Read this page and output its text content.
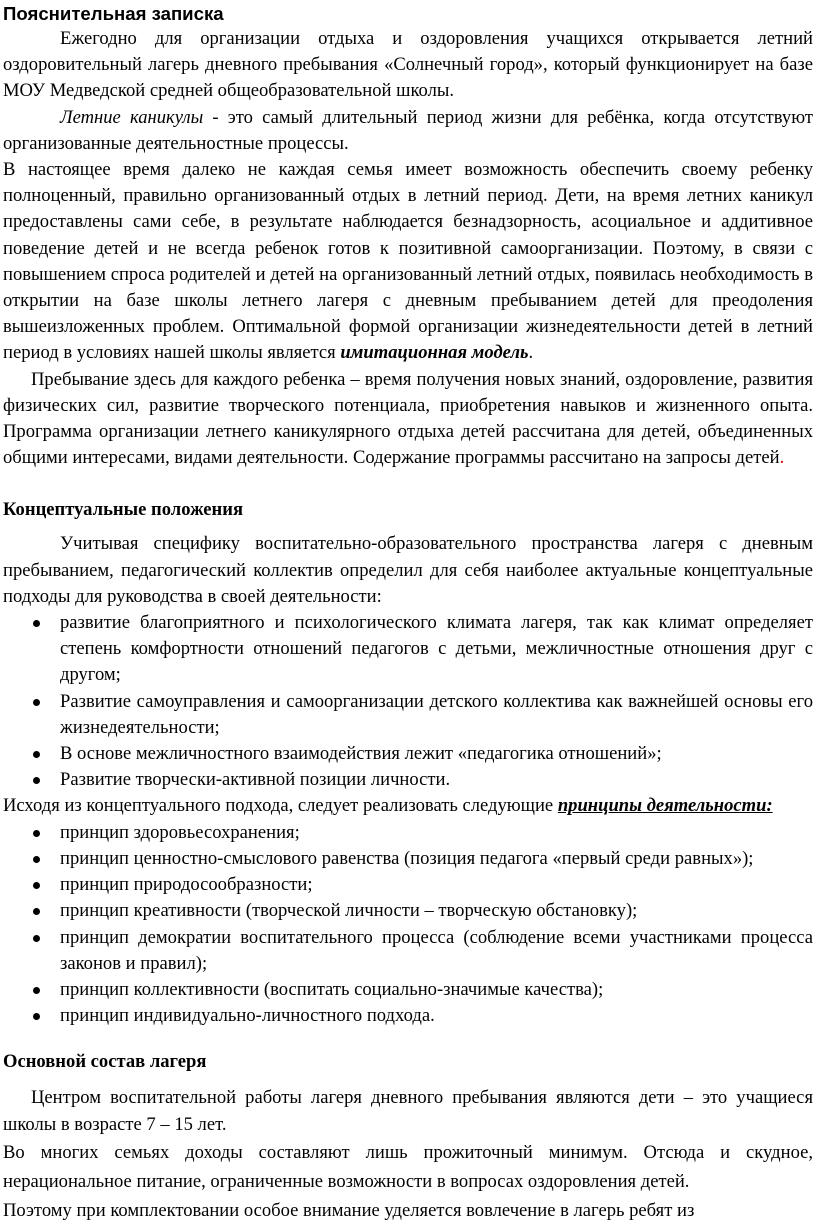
Пояснительная записка

Ежегодно для организации отдыха и оздоровления учащихся открывается летний оздоровительный лагерь дневного пребывания «Солнечный город», который функционирует на базе МОУ Медведской средней общеобразовательной школы.

Летние каникулы - это самый длительный период жизни для ребёнка, когда отсутствуют организованные деятельностные процессы.

В настоящее время далеко не каждая семья имеет возможность обеспечить своему ребенку полноценный, правильно организованный отдых в летний период. Дети, на время летних каникул предоставлены сами себе, в результате наблюдается безнадзорность, асоциальное и аддитивное поведение детей и не всегда ребенок готов к позитивной самоорганизации. Поэтому, в связи с повышением спроса родителей и детей на организованный летний отдых, появилась необходимость в открытии на базе школы летнего лагеря с дневным пребыванием детей для преодоления вышеизложенных проблем. Оптимальной формой организации жизнедеятельности детей в летний период в условиях нашей школы является имитационная модель.

Пребывание здесь для каждого ребенка – время получения новых знаний, оздоровление, развития физических сил, развитие творческого потенциала, приобретения навыков и жизненного опыта. Программа организации летнего каникулярного отдыха детей рассчитана для детей, объединенных общими интересами, видами деятельности. Содержание программы рассчитано на запросы детей.

Концептуальные положения

Учитывая специфику воспитательно-образовательного пространства лагеря с дневным пребыванием, педагогический коллектив определил для себя наиболее актуальные концептуальные подходы для руководства в своей деятельности:

развитие благоприятного и психологического климата лагеря, так как климат определяет степень комфортности отношений педагогов с детьми, межличностные отношения друг с другом;
Развитие самоуправления и самоорганизации детского коллектива как важнейшей основы его жизнедеятельности;
В основе межличностного взаимодействия лежит «педагогика отношений»;
Развитие творчески-активной позиции личности.

Исходя из концептуального подхода, следует реализовать следующие принципы деятельности:

принцип здоровьесохранения;
принцип ценностно-смыслового равенства (позиция педагога «первый среди равных»);
принцип природосообразности;
принцип креативности (творческой личности – творческую обстановку);
принцип демократии воспитательного процесса (соблюдение всеми участниками процесса законов и правил);
принцип коллективности (воспитать социально-значимые качества);
принцип индивидуально-личностного подхода.
Основной состав лагеря

Центром воспитательной работы лагеря дневного пребывания являются дети – это учащиеся школы в возрасте 7 – 15 лет.

Во многих семьях доходы составляют лишь прожиточный минимум. Отсюда и скудное, нерациональное питание, ограниченные возможности в вопросах оздоровления детей.

Поэтому при комплектовании особое внимание уделяется вовлечение в лагерь ребят из
